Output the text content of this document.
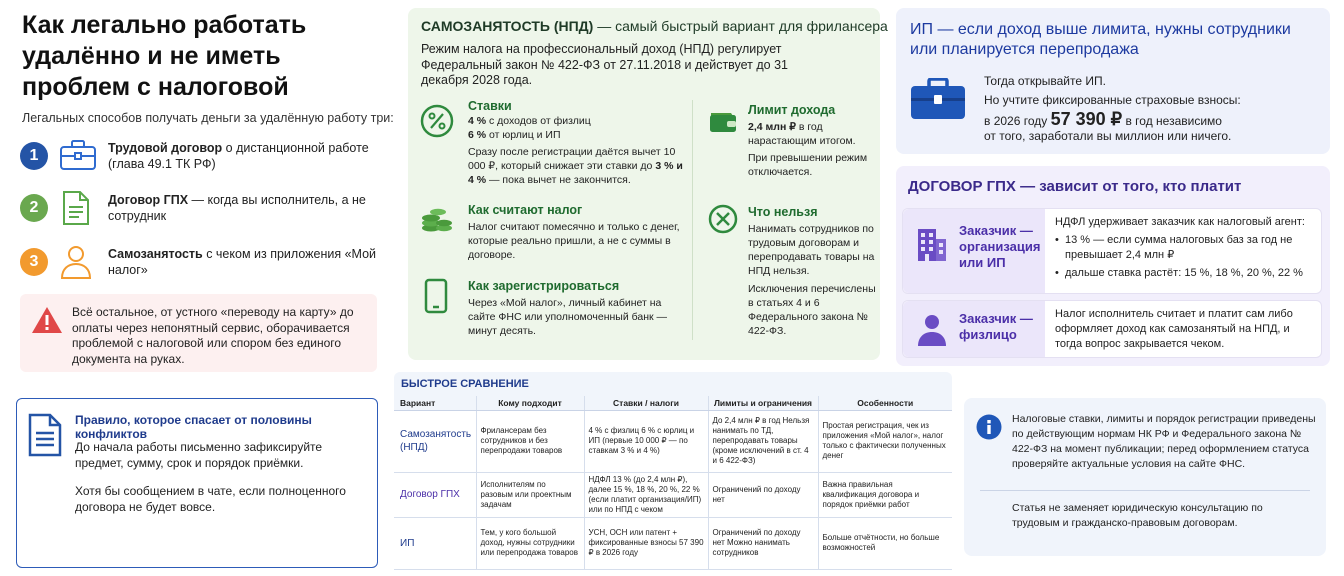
Как легально работать удалённо и не иметь проблем с налоговой
Легальных способов получать деньги за удалённую работу три:
1	Трудовой договор о дистанционной работе (глава 49.1 ТК РФ)
2	Договор ГПХ — когда вы исполнитель, а не сотрудник
3	Самозанятость с чеком из приложения «Мой налог»
Всё остальное, от устного «переводу на карту» до оплаты через непонятный сервис, оборачивается проблемой с налоговой или спором без единого документа на руках.
Правило, которое спасает от половины конфликтов
До начала работы письменно зафиксируйте предмет, сумму, срок и порядок приёмки.
Хотя бы сообщением в чате, если полноценного договора не будет вовсе.
САМОЗАНЯТОСТЬ (НПД) — самый быстрый вариант для фрилансера
Режим налога на профессиональный доход (НПД) регулирует Федеральный закон № 422-ФЗ от 27.11.2018 и действует до 31 декабря 2028 года.
Ставки
4 % с доходов от физлиц
6 % от юрлиц и ИП
Сразу после регистрации даётся вычет 10 000 ₽, который снижает эти ставки до 3 % и 4 % — пока вычет не закончится.
Как считают налог
Налог считают помесячно и только с денег, которые реально пришли, а не с суммы в договоре.
Как зарегистрироваться
Через «Мой налог», личный кабинет на сайте ФНС или уполномоченный банк — минут десять.
Лимит дохода
2,4 млн ₽ в год нарастающим итогом.
При превышении режим отключается.
Что нельзя
Нанимать сотрудников по трудовым договорам и перепродавать товары на НПД нельзя.
Исключения перечислены в статьях 4 и 6 Федерального закона № 422-ФЗ.
ИП — если доход выше лимита, нужны сотрудники или планируется перепродажа
Тогда открывайте ИП.
Но учтите фиксированные страховые взносы:
в 2026 году 57 390 ₽ в год независимо
от того, заработали вы миллион или ничего.
ДОГОВОР ГПХ — зависит от того, кто платит
Заказчик — организация или ИП
НДФЛ удерживает заказчик как налоговый агент:
• 13 % — если сумма налоговых баз за год не превышает 2,4 млн ₽
• дальше ставка растёт: 15 %, 18 %, 20 %, 22 %
Заказчик — физлицо
Налог исполнитель считает и платит сам либо оформляет доход как самозанятый на НПД, и тогда вопрос закрывается чеком.
БЫСТРОЕ СРАВНЕНИЕ
Вариант	Кому подходит	Ставки / налоги	Лимиты и ограничения	Особенности
Самозанятость (НПД)	Фрилансерам без сотрудников и без перепродажи товаров	4 % с физлиц 6 % с юрлиц и ИП (первые 10 000 ₽ — по ставкам 3 % и 4 %)	До 2,4 млн ₽ в год Нельзя нанимать по ТД, перепродавать товары (кроме исключений в ст. 4 и 6 422-ФЗ)	Простая регистрация, чек из приложения «Мой налог», налог только с фактически полученных денег
Договор ГПХ	Исполнителям по разовым или проектным задачам	НДФЛ 13 % (до 2,4 млн ₽), далее 15 %, 18 %, 20 %, 22 % (если платит организация/ИП) или по НПД с чеком	Ограничений по доходу нет	Важна правильная квалификация договора и порядок приёмки работ
ИП	Тем, у кого большой доход, нужны сотрудники или перепродажа товаров	УСН, ОСН или патент + фиксированные взносы 57 390 ₽ в 2026 году	Ограничений по доходу нет Можно нанимать сотрудников	Больше отчётности, но больше возможностей
Налоговые ставки, лимиты и порядок регистрации приведены по действующим нормам НК РФ и Федерального закона № 422-ФЗ на момент публикации; перед оформлением статуса проверяйте актуальные условия на сайте ФНС.
Статья не заменяет юридическую консультацию по трудовым и гражданско-правовым договорам.
